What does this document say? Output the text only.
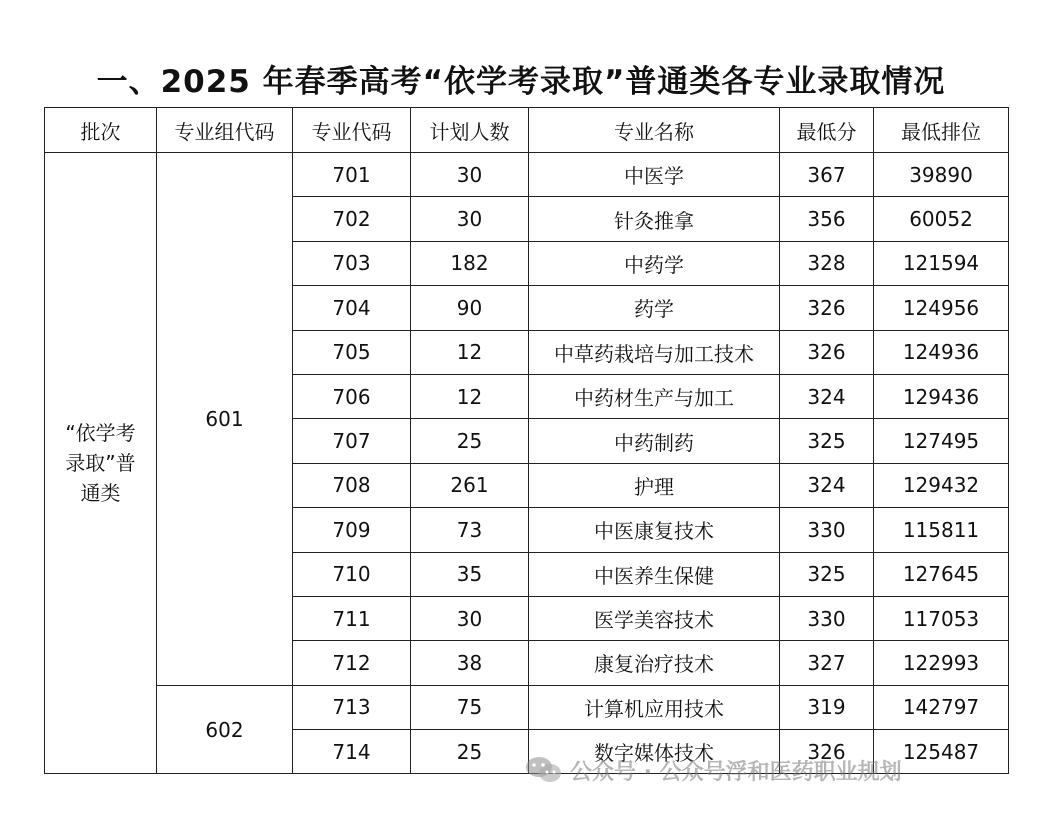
一、2025 年春季高考“依学考录取”普通类各专业录取情况
批次	专业组代码	专业代码	计划人数	专业名称	最低分	最低排位

“依学考
录取”普
通类	601	701	30	中医学	367	39890
		702	30	针灸推拿	356	60052
		703	182	中药学	328	121594
		704	90	药学	326	124956
		705	12	中草药栽培与加工技术	326	124936
		706	12	中药材生产与加工	324	129436
		707	25	中药制药	325	127495
		708	261	护理	324	129432
		709	73	中医康复技术	330	115811
		710	35	中医养生保健	325	127645
		711	30	医学美容技术	330	117053
		712	38	康复治疗技术	327	122993
	602	713	75	计算机应用技术	319	142797
		714	25	数字媒体技术	326	125487
公众号 · 公众号浮和医药职业规划
